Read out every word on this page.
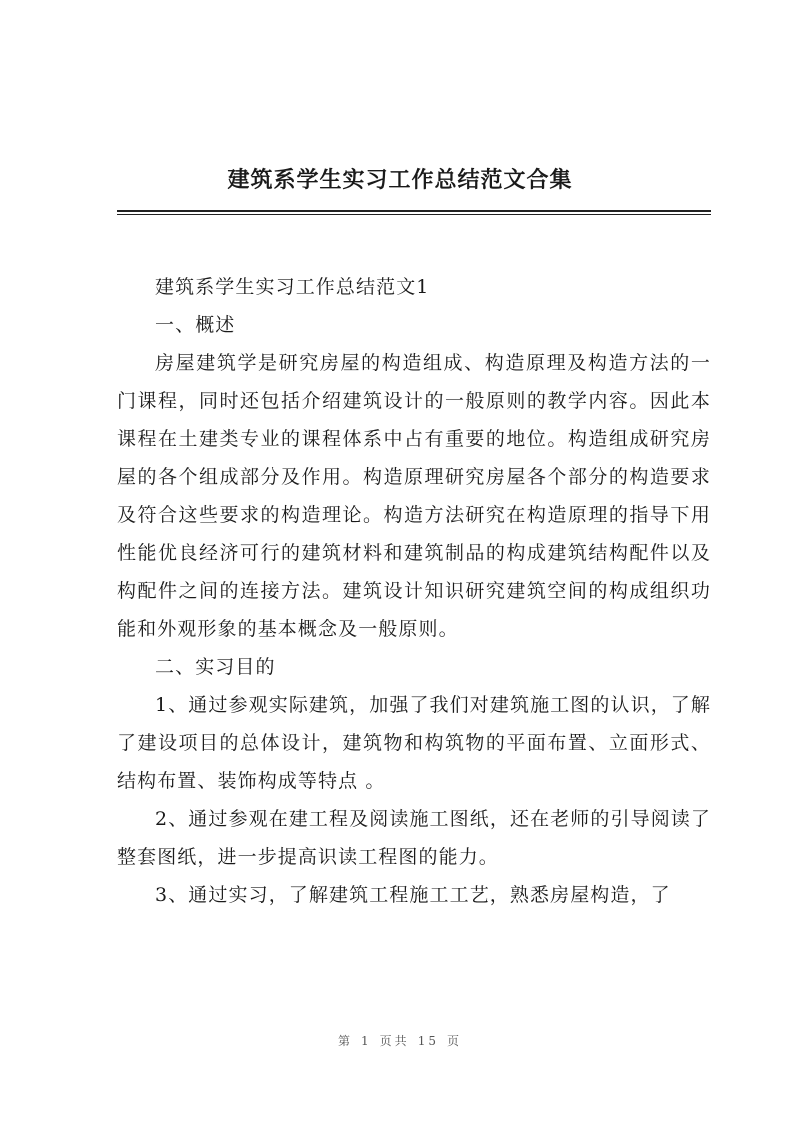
建筑系学生实习工作总结范文合集

建筑系学生实习工作总结范文1

一、概述

房屋建筑学是研究房屋的构造组成、构造原理及构造方法的一门课程，同时还包括介绍建筑设计的一般原则的教学内容。因此本课程在土建类专业的课程体系中占有重要的地位。构造组成研究房屋的各个组成部分及作用。构造原理研究房屋各个部分的构造要求及符合这些要求的构造理论。构造方法研究在构造原理的指导下用性能优良经济可行的建筑材料和建筑制品的构成建筑结构配件以及构配件之间的连接方法。建筑设计知识研究建筑空间的构成组织功能和外观形象的基本概念及一般原则。

二、实习目的

1、通过参观实际建筑，加强了我们对建筑施工图的认识，了解了建设项目的总体设计，建筑物和构筑物的平面布置、立面形式、结构布置、装饰构成等特点 。

2、通过参观在建工程及阅读施工图纸，还在老师的引导阅读了整套图纸，进一步提高识读工程图的能力。

3、通过实习，了解建筑工程施工工艺，熟悉房屋构造，了

第 1 页共 15 页
